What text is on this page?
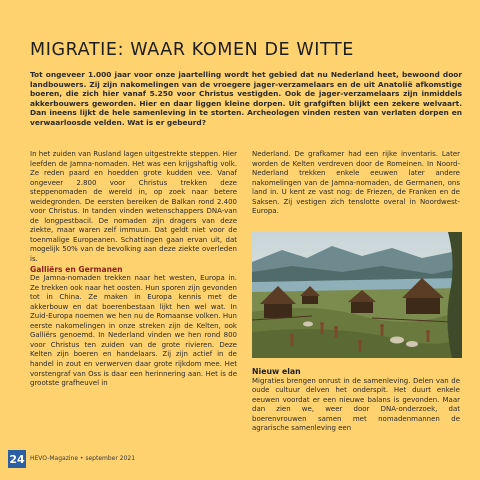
MIGRATIE: WAAR KOMEN DE WITTE
Tot ongeveer 1.000 jaar voor onze jaartelling wordt het gebied dat nu Nederland heet, bewoond door landbouwers. Zij zijn nakomelingen van de vroegere jager-verzamelaars en de uit Anatolië afkomstige boeren, die zich hier vanaf 5.250 voor Christus vestigden. Ook de jager-verzamelaars zijn inmiddels akkerbouwers geworden. Hier en daar liggen kleine dorpen. Uit grafgiften blijkt een zekere welvaart. Dan ineens lijkt de hele samenleving in te storten. Archeologen vinden resten van verlaten dorpen en verwaarloosde velden. Wat is er gebeurd?

In het zuiden van Rusland lagen uitgestrekte steppen. Hier leefden de Jamna-nomaden. Het was een krijgshaftig volk. Ze reden paard en hoedden grote kudden vee. Vanaf ongeveer 2.800 voor Christus trekken deze steppenomaden de wereld in, op zoek naar betere weidegronden. De eersten bereiken de Balkan rond 2.400 voor Christus. In tanden vinden wetenschappers DNA-van de longpestbacil. De nomaden zijn dragers van deze ziekte, maar waren zelf immuun. Dat geldt niet voor de toenmalige Europeanen. Schattingen gaan ervan uit, dat mogelijk 50% van de bevolking aan deze ziekte overleden is.

Galliërs en Germanen

De Jamna-nomaden trekken naar het westen, Europa in. Ze trekken ook naar het oosten. Hun sporen zijn gevonden tot in China. Ze maken in Europa kennis met de akkerbouw en dat boerenbestaan lijkt hen wel wat. In Zuid-Europa noemen we hen nu de Romaanse volken. Hun eerste nakomelingen in onze streken zijn de Kelten, ook Galliërs genoemd. In Nederland vinden we hen rond 800 voor Christus ten zuiden van de grote rivieren. Deze Kelten zijn boeren en handelaars. Zij zijn actief in de handel in zout en verwerven daar grote rijkdom mee. Het vorstengraf van Oss is daar een herinnering aan. Het is de grootste grafheuvel in

Nederland. De grafkamer had een rijke inventaris. Later worden de Kelten verdreven door de Romeinen. In Noord-Nederland trekken enkele eeuwen later andere nakomelingen van de Jamna-nomaden, de Germanen, ons land in. U kent ze vast nog: de Friezen, de Franken en de Saksen. Zij vestigen zich tenslotte overal in Noordwest-Europa.

Nieuw elan

Migraties brengen onrust in de samenleving. Delen van de oude cultuur delven het onderspit. Het duurt enkele eeuwen voordat er een nieuwe balans is gevonden. Maar dan zien we, weer door DNA-onderzoek, dat boerenvrouwen samen met nomadenmannen de agrarische samenleving een

24 HEVO-Magazine • september 2021
